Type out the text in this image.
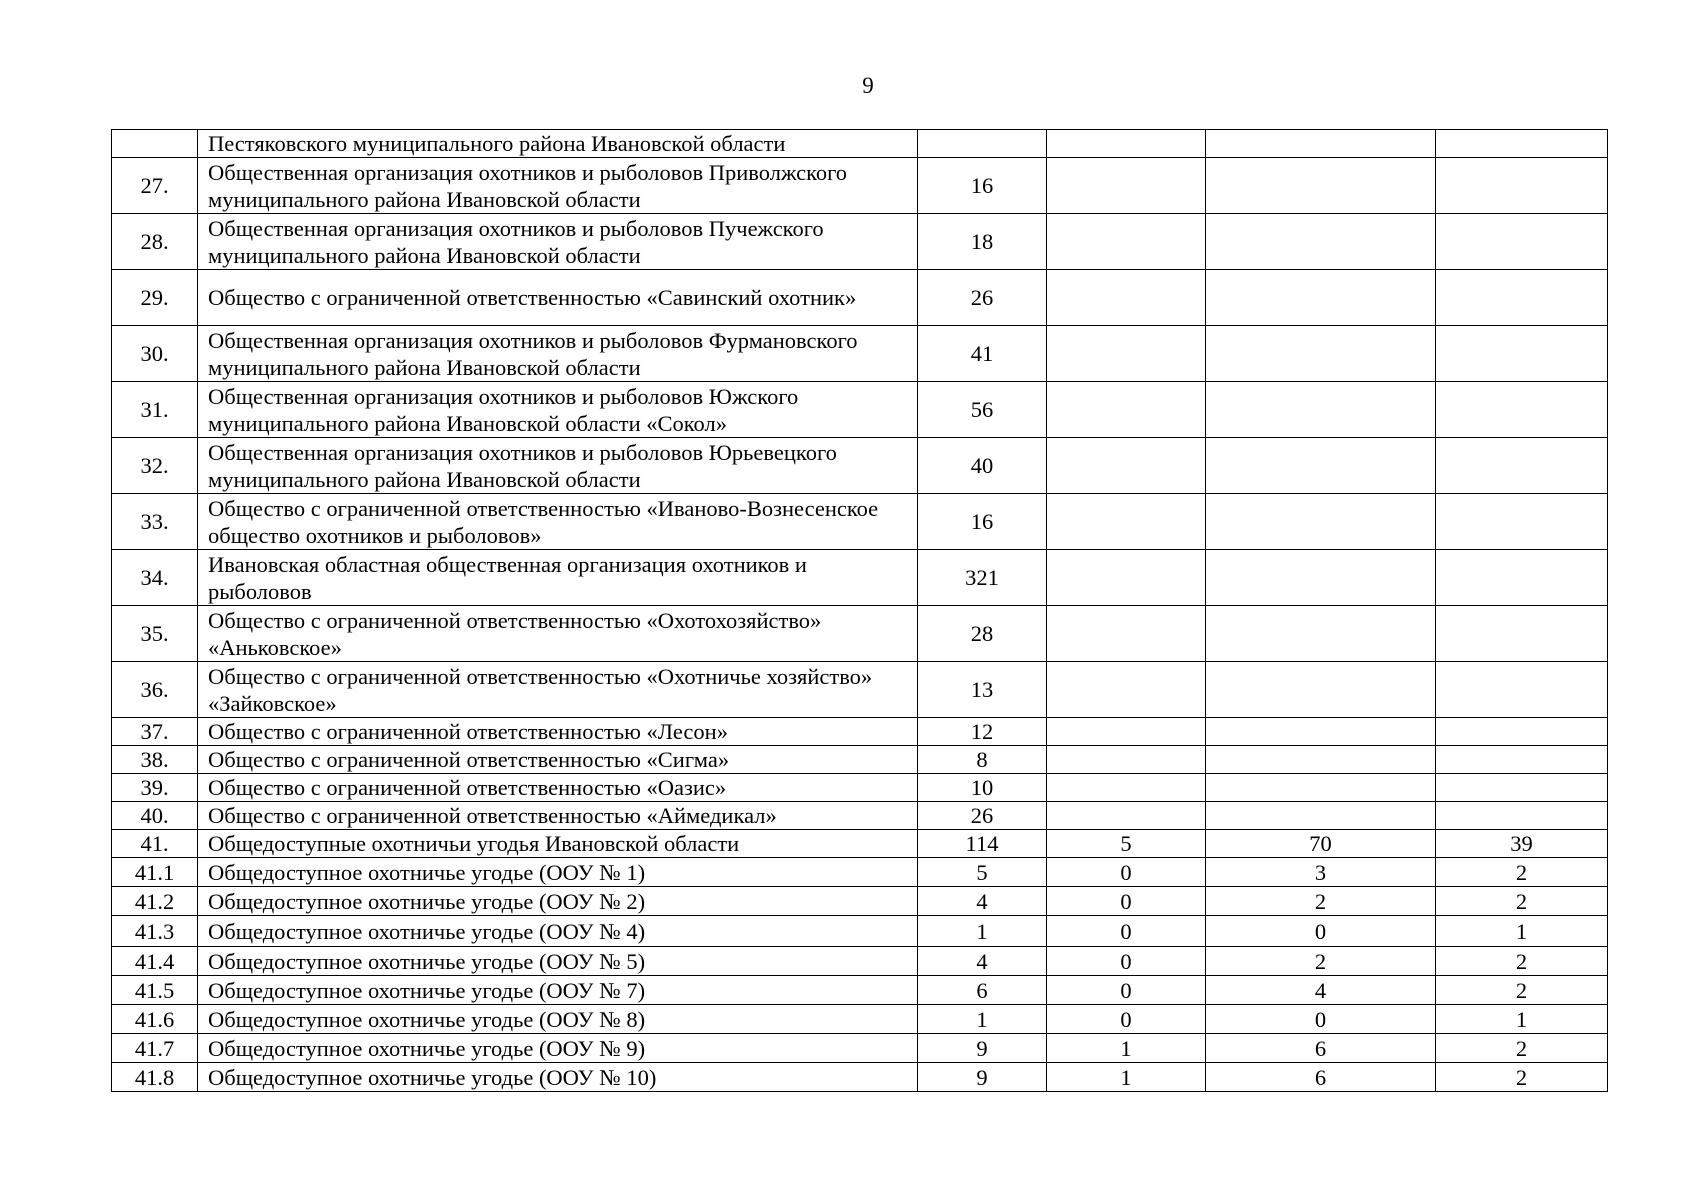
9
	Пестяковского муниципального района Ивановской области				
27.	Общественная организация охотников и рыболовов Приволжского муниципального района Ивановской области	16			
28.	Общественная организация охотников и рыболовов Пучежского муниципального района Ивановской области	18			
29.	Общество с ограниченной ответственностью «Савинский охотник»	26			
30.	Общественная организация охотников и рыболовов Фурмановского муниципального района Ивановской области	41			
31.	Общественная организация охотников и рыболовов Южского муниципального района Ивановской области «Сокол»	56			
32.	Общественная организация охотников и рыболовов Юрьевецкого муниципального района Ивановской области	40			
33.	Общество с ограниченной ответственностью «Иваново-Вознесенское общество охотников и рыболовов»	16			
34.	Ивановская областная общественная организация охотников и рыболовов	321			
35.	Общество с ограниченной ответственностью «Охотохозяйство» «Аньковское»	28			
36.	Общество с ограниченной ответственностью «Охотничье хозяйство» «Зайковское»	13			
37.	Общество с ограниченной ответственностью «Лесон»	12			
38.	Общество с ограниченной ответственностью «Сигма»	8			
39.	Общество с ограниченной ответственностью «Оазис»	10			
40.	Общество с ограниченной ответственностью «Аймедикал»	26			
41.	Общедоступные охотничьи угодья Ивановской области	114	5	70	39
41.1	Общедоступное охотничье угодье (ООУ № 1)	5	0	3	2
41.2	Общедоступное охотничье угодье (ООУ № 2)	4	0	2	2
41.3	Общедоступное охотничье угодье (ООУ № 4)	1	0	0	1
41.4	Общедоступное охотничье угодье (ООУ № 5)	4	0	2	2
41.5	Общедоступное охотничье угодье (ООУ № 7)	6	0	4	2
41.6	Общедоступное охотничье угодье (ООУ № 8)	1	0	0	1
41.7	Общедоступное охотничье угодье (ООУ № 9)	9	1	6	2
41.8	Общедоступное охотничье угодье (ООУ № 10)	9	1	6	2
